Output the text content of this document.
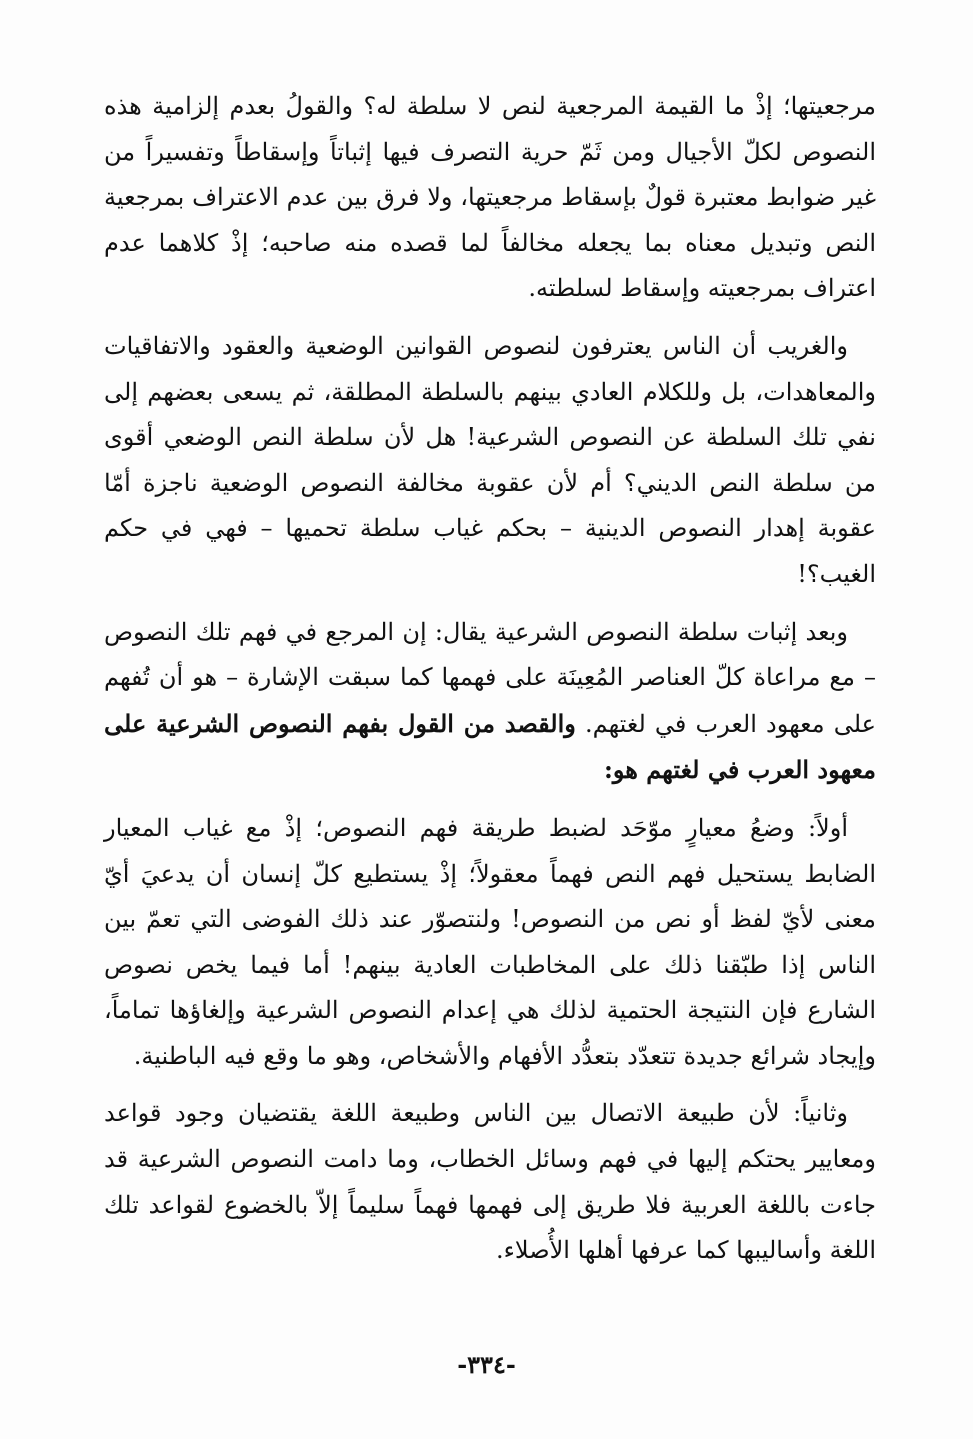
مرجعيتها؛ إذْ ما القيمة المرجعية لنص لا سلطة له؟ والقولُ بعدم إلزامية هذه النصوص لكلّ الأجيال ومن ثَمّ حرية التصرف فيها إثباتاً وإسقاطاً وتفسيراً من غير ضوابط معتبرة قولٌ بإسقاط مرجعيتها، ولا فرق بين عدم الاعتراف بمرجعية النص وتبديل معناه بما يجعله مخالفاً لما قصده منه صاحبه؛ إذْ كلاهما عدم اعتراف بمرجعيته وإسقاط لسلطته.

والغريب أن الناس يعترفون لنصوص القوانين الوضعية والعقود والاتفاقيات والمعاهدات، بل وللكلام العادي بينهم بالسلطة المطلقة، ثم يسعى بعضهم إلى نفي تلك السلطة عن النصوص الشرعية! هل لأن سلطة النص الوضعي أقوى من سلطة النص الديني؟ أم لأن عقوبة مخالفة النصوص الوضعية ناجزة أمّا عقوبة إهدار النصوص الدينية – بحكم غياب سلطة تحميها – فهي في حكم الغيب؟!

وبعد إثبات سلطة النصوص الشرعية يقال: إن المرجع في فهم تلك النصوص – مع مراعاة كلّ العناصر المُعِينَة على فهمها كما سبقت الإشارة – هو أن تُفهم على معهود العرب في لغتهم. والقصد من القول بفهم النصوص الشرعية على معهود العرب في لغتهم هو:

أولاً: وضعُ معيارٍ موّحَد لضبط طريقة فهم النصوص؛ إذْ مع غياب المعيار الضابط يستحيل فهم النص فهماً معقولاً؛ إذْ يستطيع كلّ إنسان أن يدعيَ أيّ معنى لأيّ لفظ أو نص من النصوص! ولنتصوّر عند ذلك الفوضى التي تعمّ بين الناس إذا طبّقنا ذلك على المخاطبات العادية بينهم! أما فيما يخص نصوص الشارع فإن النتيجة الحتمية لذلك هي إعدام النصوص الشرعية وإلغاؤها تماماً، وإيجاد شرائع جديدة تتعدّد بتعدُّد الأفهام والأشخاص، وهو ما وقع فيه الباطنية.

وثانياً: لأن طبيعة الاتصال بين الناس وطبيعة اللغة يقتضيان وجود قواعد ومعايير يحتكم إليها في فهم وسائل الخطاب، وما دامت النصوص الشرعية قد جاءت باللغة العربية فلا طريق إلى فهمها فهماً سليماً إلاّ بالخضوع لقواعد تلك اللغة وأساليبها كما عرفها أهلها الأُصلاء.

-٣٣٤-
